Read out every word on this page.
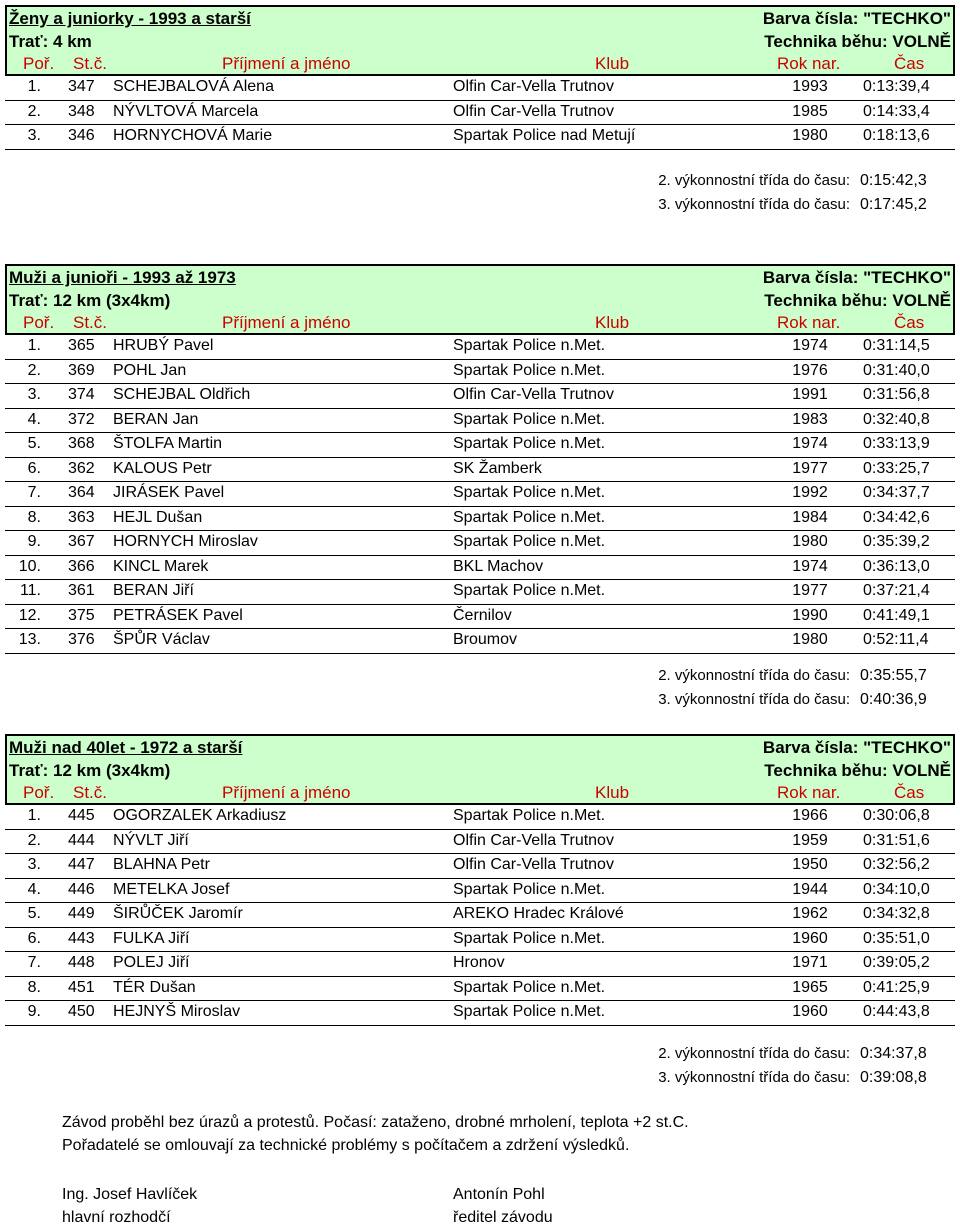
Ženy a juniorky - 1993 a starší
Trať: 4 km
Barva čísla: "TECHKO"
Technika běhu: VOLNĚ
Poř. St.č.	Příjmení a jméno	Klub	Rok nar.	Čas
1. 347 SCHEJBALOVÁ Alena	Olfin Car-Vella Trutnov	1993	0:13:39,4
2. 348 NÝVLTOVÁ Marcela	Olfin Car-Vella Trutnov	1985	0:14:33,4
3. 346 HORNYCHOVÁ Marie	Spartak Police nad Metují	1980	0:18:13,6
2. výkonnostní třída do času: 0:15:42,3
3. výkonnostní třída do času: 0:17:45,2
Muži a junioři - 1993 až 1973
Trať: 12 km (3x4km)
Barva čísla: "TECHKO"
Technika běhu: VOLNĚ
Poř. St.č.	Příjmení a jméno	Klub	Rok nar.	Čas
1. 365 HRUBÝ Pavel	Spartak Police n.Met.	1974	0:31:14,5
2. 369 POHL Jan	Spartak Police n.Met.	1976	0:31:40,0
3. 374 SCHEJBAL Oldřich	Olfin Car-Vella Trutnov	1991	0:31:56,8
4. 372 BERAN Jan	Spartak Police n.Met.	1983	0:32:40,8
5. 368 ŠTOLFA Martin	Spartak Police n.Met.	1974	0:33:13,9
6. 362 KALOUS Petr	SK Žamberk	1977	0:33:25,7
7. 364 JIRÁSEK Pavel	Spartak Police n.Met.	1992	0:34:37,7
8. 363 HEJL Dušan	Spartak Police n.Met.	1984	0:34:42,6
9. 367 HORNYCH Miroslav	Spartak Police n.Met.	1980	0:35:39,2
10. 366 KINCL Marek	BKL Machov	1974	0:36:13,0
11. 361 BERAN Jiří	Spartak Police n.Met.	1977	0:37:21,4
12. 375 PETRÁSEK Pavel	Černilov	1990	0:41:49,1
13. 376 ŠPŮR Václav	Broumov	1980	0:52:11,4
2. výkonnostní třída do času: 0:35:55,7
3. výkonnostní třída do času: 0:40:36,9
Muži nad 40let - 1972 a starší
Trať: 12 km (3x4km)
Barva čísla: "TECHKO"
Technika běhu: VOLNĚ
Poř. St.č.	Příjmení a jméno	Klub	Rok nar.	Čas
1. 445 OGORZALEK Arkadiusz	Spartak Police n.Met.	1966	0:30:06,8
2. 444 NÝVLT Jiří	Olfin Car-Vella Trutnov	1959	0:31:51,6
3. 447 BLAHNA Petr	Olfin Car-Vella Trutnov	1950	0:32:56,2
4. 446 METELKA Josef	Spartak Police n.Met.	1944	0:34:10,0
5. 449 ŠIRŮČEK Jaromír	AREKO Hradec Králové	1962	0:34:32,8
6. 443 FULKA Jiří	Spartak Police n.Met.	1960	0:35:51,0
7. 448 POLEJ Jiří	Hronov	1971	0:39:05,2
8. 451 TÉR Dušan	Spartak Police n.Met.	1965	0:41:25,9
9. 450 HEJNYŠ Miroslav	Spartak Police n.Met.	1960	0:44:43,8
2. výkonnostní třída do času: 0:34:37,8
3. výkonnostní třída do času: 0:39:08,8
Závod proběhl bez úrazů a protestů. Počasí: zataženo, drobné mrholení, teplota +2 st.C.
Pořadatelé se omlouvají za technické problémy s počítačem a zdržení výsledků.
Ing. Josef Havlíček
hlavní rozhodčí
Antonín Pohl
ředitel závodu
